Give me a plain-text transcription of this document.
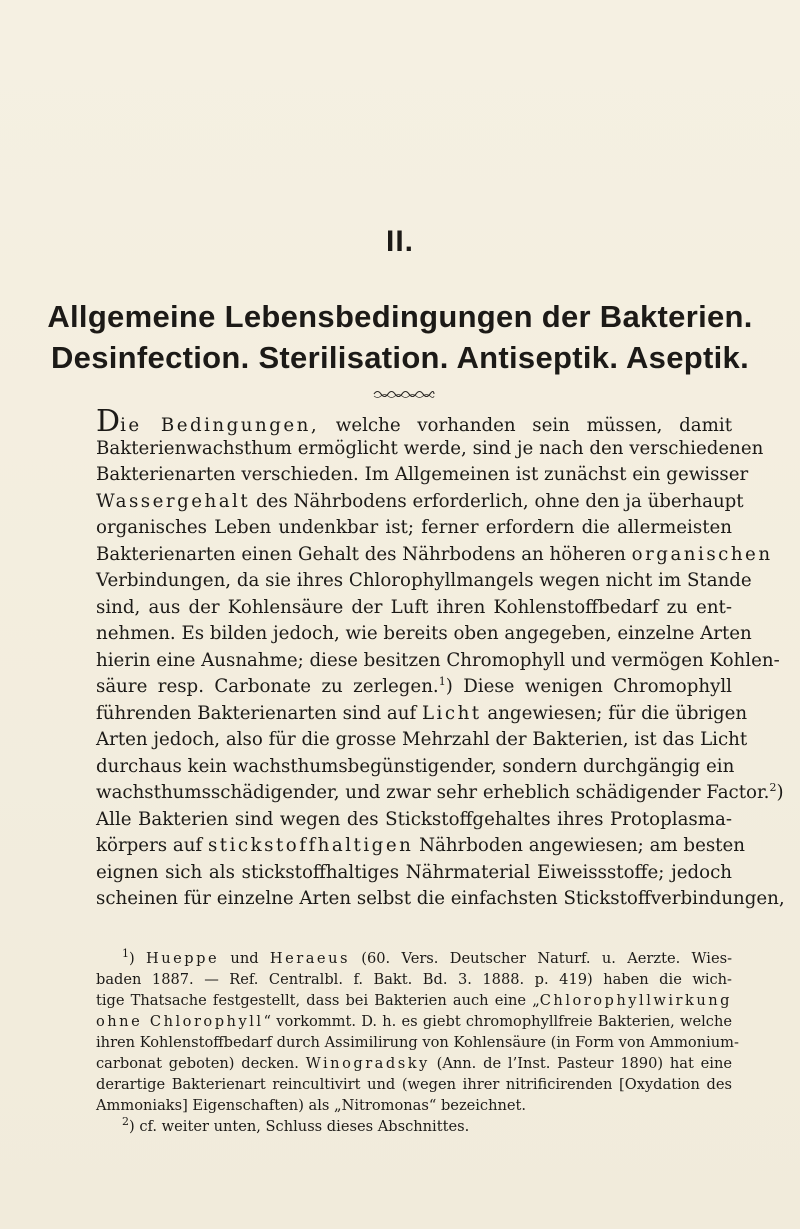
II.
Allgemeine Lebensbedingungen der Bakterien.
Desinfection. Sterilisation. Antiseptik. Aseptik.
Die Bedingungen, welche vorhanden sein müssen, damit
Bakterienwachsthum ermöglicht werde, sind je nach den verschiedenen
Bakterienarten verschieden. Im Allgemeinen ist zunächst ein gewisser
Wassergehalt des Nährbodens erforderlich, ohne den ja überhaupt
organisches Leben undenkbar ist; ferner erfordern die allermeisten
Bakterienarten einen Gehalt des Nährbodens an höheren organischen
Verbindungen, da sie ihres Chlorophyllmangels wegen nicht im Stande
sind, aus der Kohlensäure der Luft ihren Kohlenstoffbedarf zu ent-
nehmen. Es bilden jedoch, wie bereits oben angegeben, einzelne Arten
hierin eine Ausnahme; diese besitzen Chromophyll und vermögen Kohlen-
säure resp. Carbonate zu zerlegen.$^1$) Diese wenigen Chromophyll
führenden Bakterienarten sind auf Licht angewiesen; für die übrigen
Arten jedoch, also für die grosse Mehrzahl der Bakterien, ist das Licht
durchaus kein wachsthumsbegünstigender, sondern durchgängig ein
wachsthumsschädigender, und zwar sehr erheblich schädigender Factor.$^2$)
Alle Bakterien sind wegen des Stickstoffgehaltes ihres Protoplasma-
körpers auf stickstoffhaltigen Nährboden angewiesen; am besten
eignen sich als stickstoffhaltiges Nährmaterial Eiweissstoffe; jedoch
scheinen für einzelne Arten selbst die einfachsten Stickstoffverbindungen,
$^1$) Hueppe und Heraeus (60. Vers. Deutscher Naturf. u. Aerzte. Wies-
baden 1887. — Ref. Centralbl. f. Bakt. Bd. 3. 1888. p. 419) haben die wich-
tige Thatsache festgestellt, dass bei Bakterien auch eine „Chlorophyllwirkung
ohne Chlorophyll“ vorkommt. D. h. es giebt chromophyllfreie Bakterien, welche
ihren Kohlenstoffbedarf durch Assimilirung von Kohlensäure (in Form von Ammonium-
carbonat geboten) decken. Winogradsky (Ann. de l’Inst. Pasteur 1890) hat eine
derartige Bakterienart reincultivirt und (wegen ihrer nitrificirenden [Oxydation des
Ammoniaks] Eigenschaften) als „Nitromonas“ bezeichnet.
$^2$) cf. weiter unten, Schluss dieses Abschnittes.
